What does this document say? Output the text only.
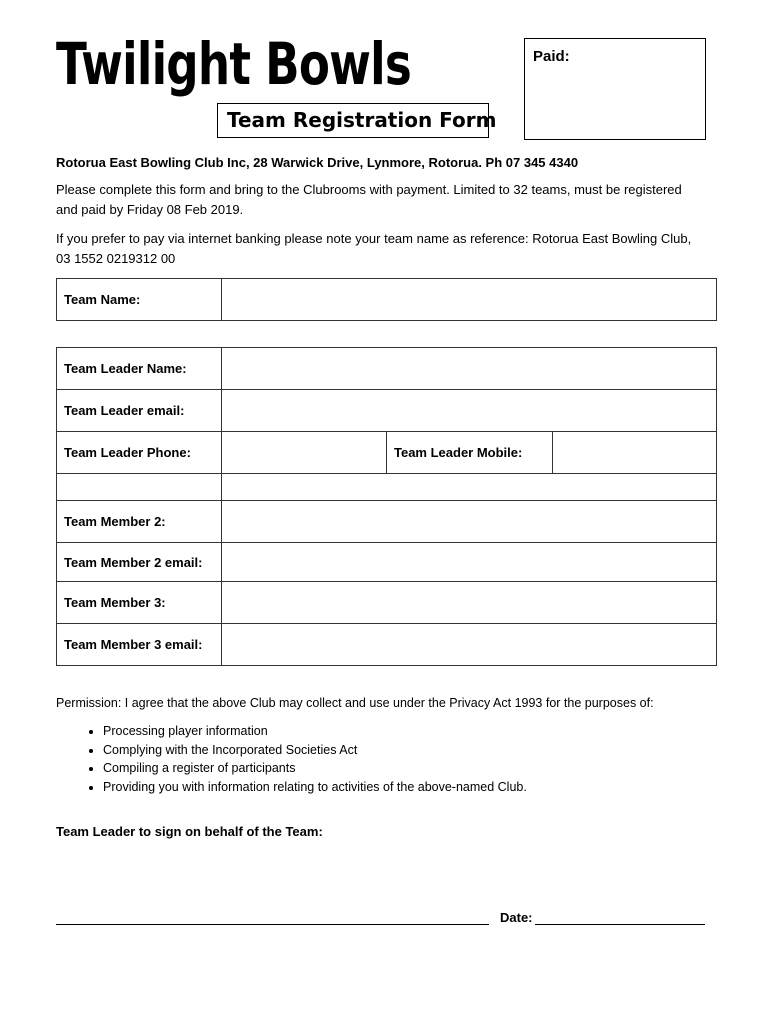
Twilight Bowls
Team Registration Form
Paid:
Rotorua East Bowling Club Inc, 28 Warwick Drive, Lynmore, Rotorua. Ph 07 345 4340
Please complete this form and bring to the Clubrooms with payment. Limited to 32 teams, must be registered and paid by Friday 08 Feb 2019.
If you prefer to pay via internet banking please note your team name as reference: Rotorua East Bowling Club, 03 1552 0219312 00
Team Name:	
Team Leader Name:			
Team Leader email:			
Team Leader Phone:		Team Leader Mobile:	

Team Member 2:			
Team Member 2 email:			
Team Member 3:			
Team Member 3 email:			
Permission: I agree that the above Club may collect and use under the Privacy Act 1993 for the purposes of:
• Processing player information
• Complying with the Incorporated Societies Act
• Compiling a register of participants
• Providing you with information relating to activities of the above-named Club.
Team Leader to sign on behalf of the Team:
Date:
